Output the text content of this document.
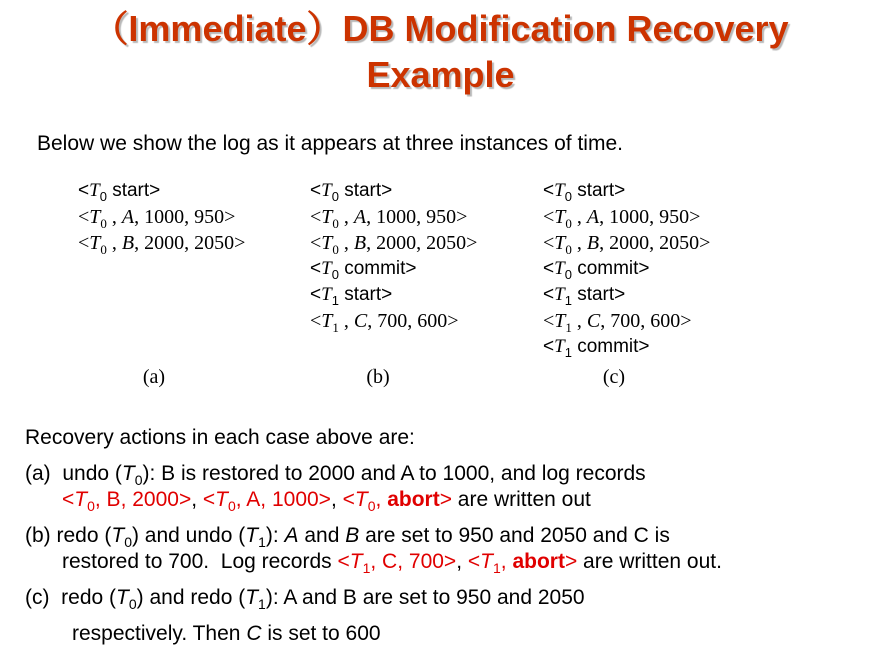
（Immediate）DB Modification Recovery
Example
Below we show the log as it appears at three instances of time.
$<T_0$ start>
$<T_0$ , A, 1000, 950>
$<T_0$ , B, 2000, 2050>
$<T_0$ start>
$<T_0$ , A, 1000, 950>
$<T_0$ , B, 2000, 2050>
$<T_0$ commit>
$<T_1$ start>
$<T_1$ , C, 700, 600>
$<T_0$ start>
$<T_0$ , A, 1000, 950>
$<T_0$ , B, 2000, 2050>
$<T_0$ commit>
$<T_1$ start>
$<T_1$ , C, 700, 600>
$<T_1$ commit>
(a)	(b)	(c)
Recovery actions in each case above are:
(a)  undo $(T_0)$: B is restored to 2000 and A to 1000, and log records
$<T_0$, B, 2000>, $<T_0$, A, 1000>, $<T_0$, abort> are written out
(b) redo $(T_0)$ and undo $(T_1)$: A and B are set to 950 and 2050 and C is
restored to 700.  Log records $<T_1$, C, 700>, $<T_1$, abort> are written out.
(c)  redo $(T_0)$ and redo $(T_1)$: A and B are set to 950 and 2050
respectively. Then C is set to 600
